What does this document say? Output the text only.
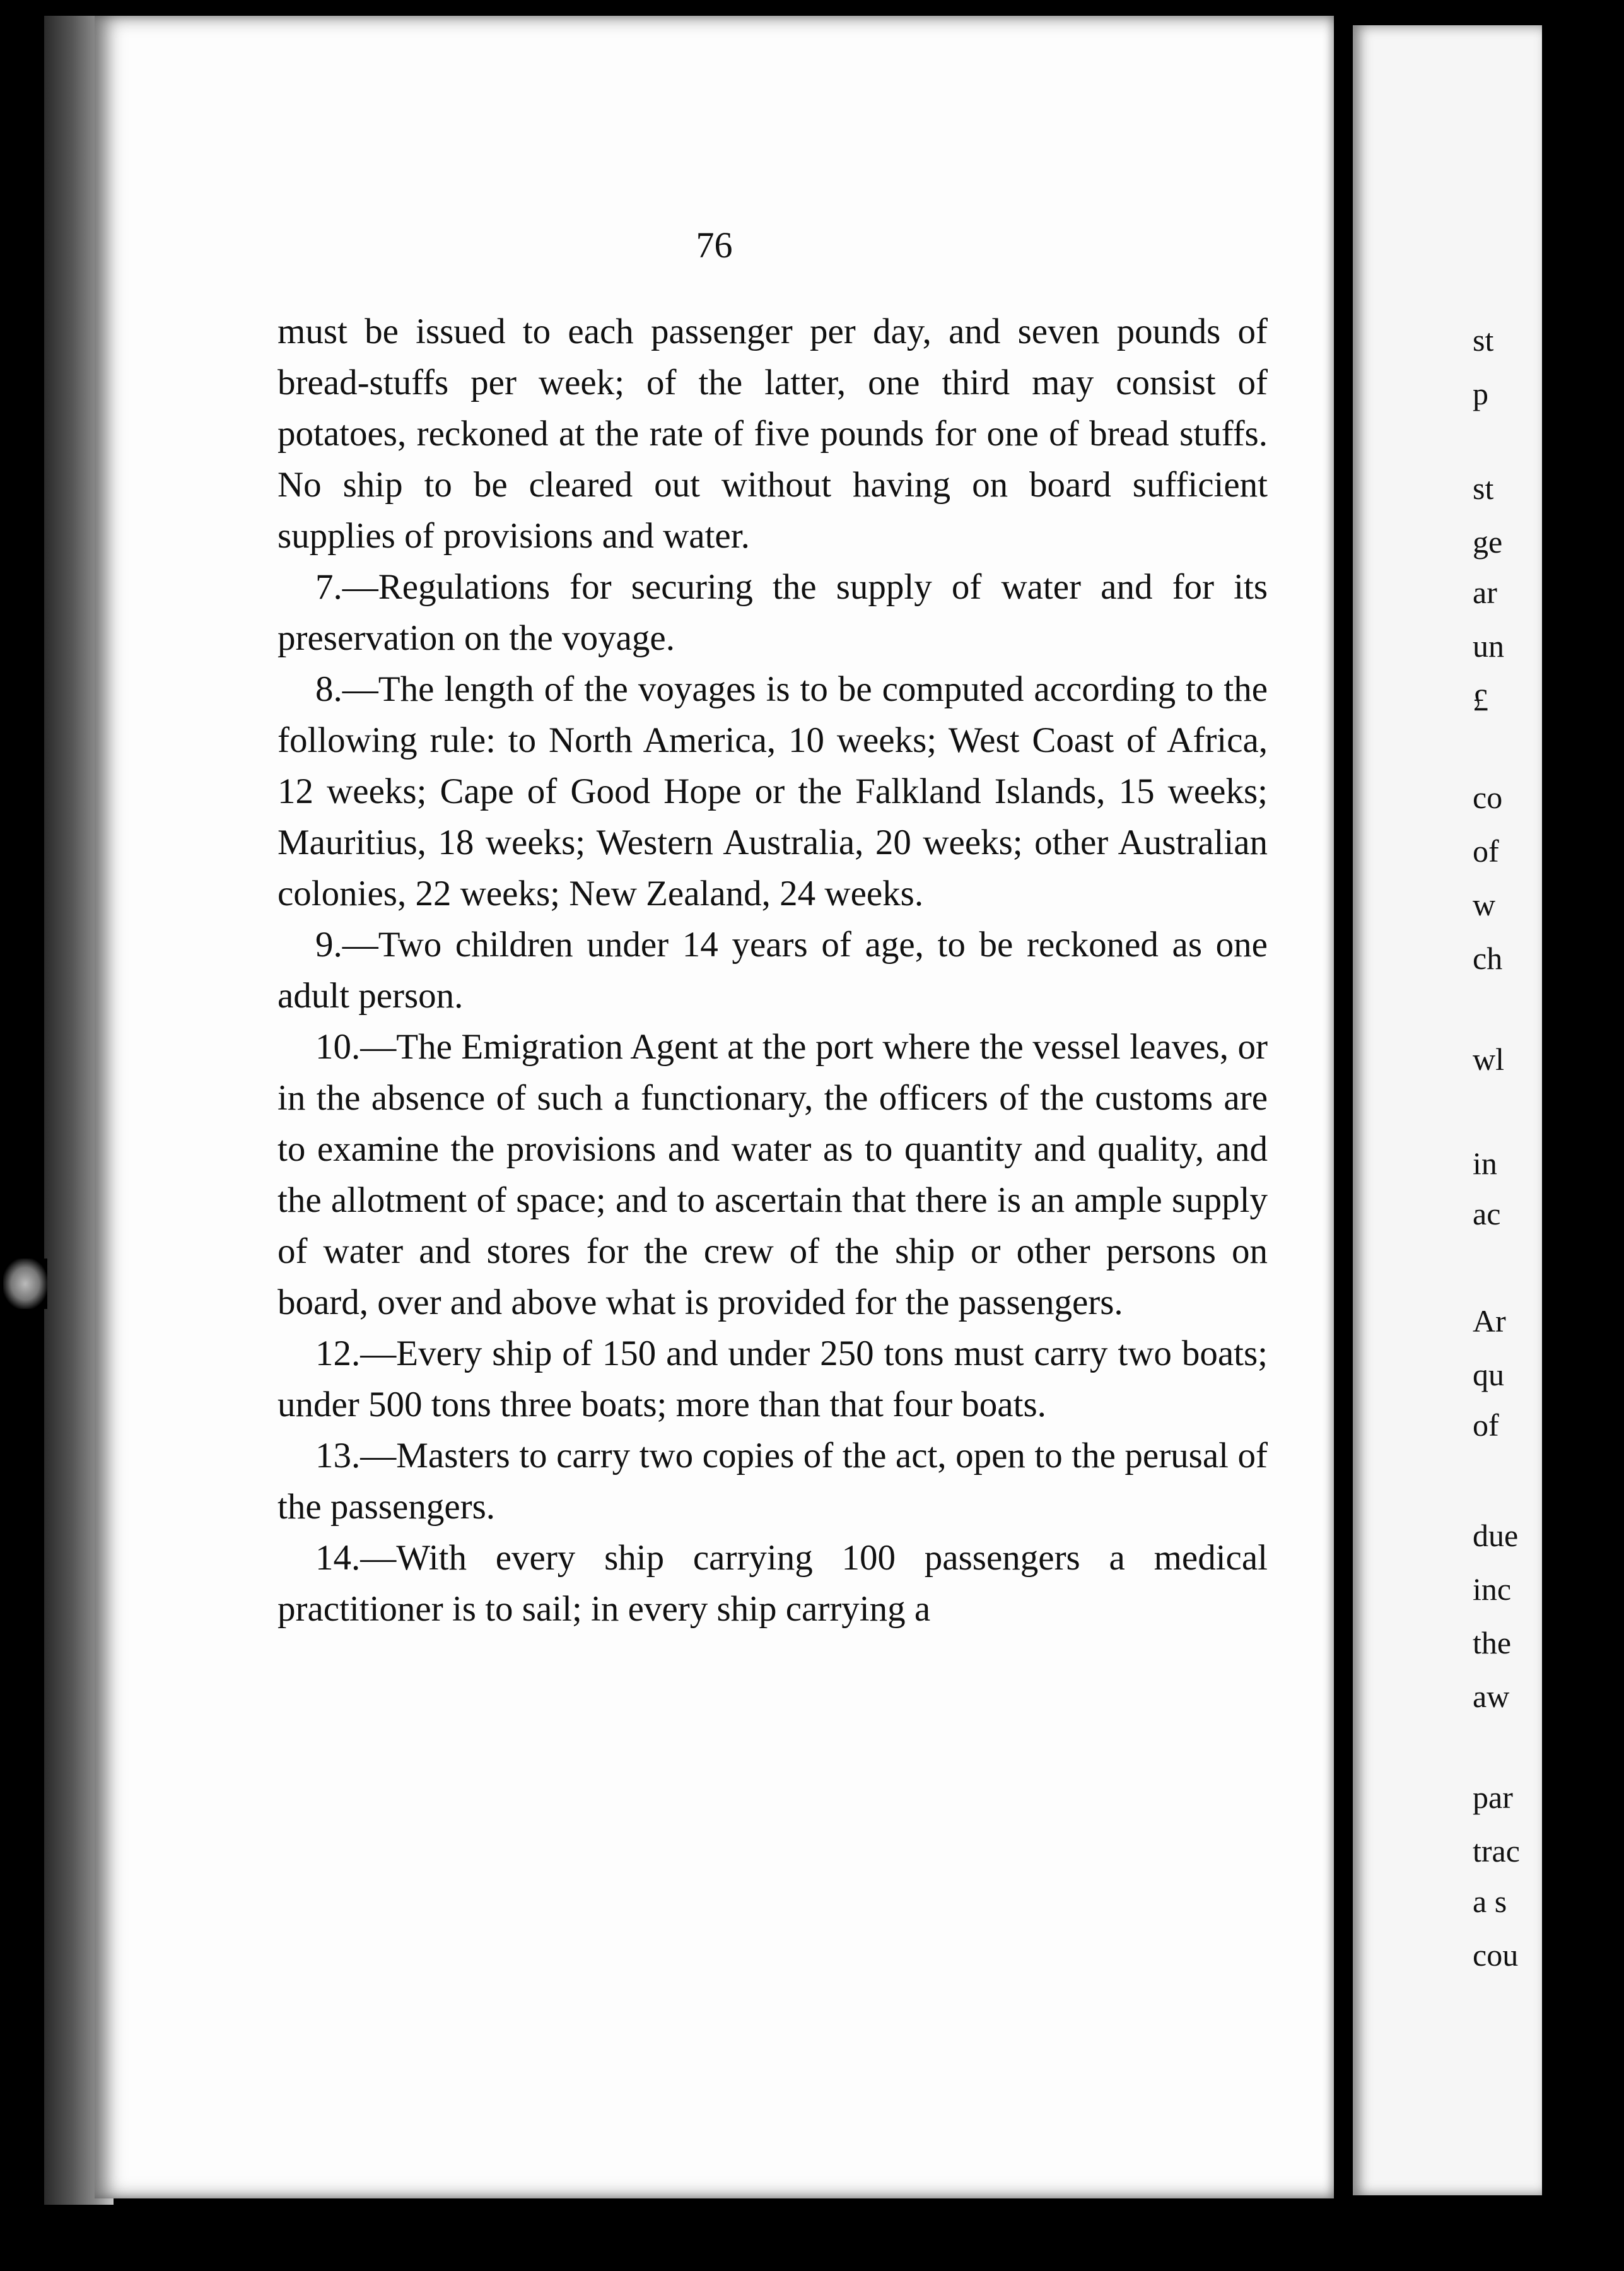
76

must be issued to each passenger per day, and seven pounds of bread-stuffs per week; of the latter, one third may consist of potatoes, reckoned at the rate of five pounds for one of bread stuffs. No ship to be cleared out without having on board sufficient supplies of provisions and water.

7.—Regulations for securing the supply of water and for its preservation on the voyage.

8.—The length of the voyages is to be computed according to the following rule: to North America, 10 weeks; West Coast of Africa, 12 weeks; Cape of Good Hope or the Falkland Islands, 15 weeks; Mauritius, 18 weeks; Western Australia, 20 weeks; other Australian colonies, 22 weeks; New Zealand, 24 weeks.

9.—Two children under 14 years of age, to be reckoned as one adult person.

10.—The Emigration Agent at the port where the vessel leaves, or in the absence of such a functionary, the officers of the customs are to examine the provisions and water as to quantity and quality, and the allotment of space; and to ascertain that there is an ample supply of water and stores for the crew of the ship or other persons on board, over and above what is provided for the passengers.

12.—Every ship of 150 and under 250 tons must carry two boats; under 500 tons three boats; more than that four boats.

13.—Masters to carry two copies of the act, open to the perusal of the passengers.

14.—With every ship carrying 100 passengers a medical practitioner is to sail; in every ship carrying a

st
p
st
ge
ar
un
£
co
of
w
ch
wl
in
ac
Ar
qu
of
due
inc
the
aw
par
trac
a s
cou
